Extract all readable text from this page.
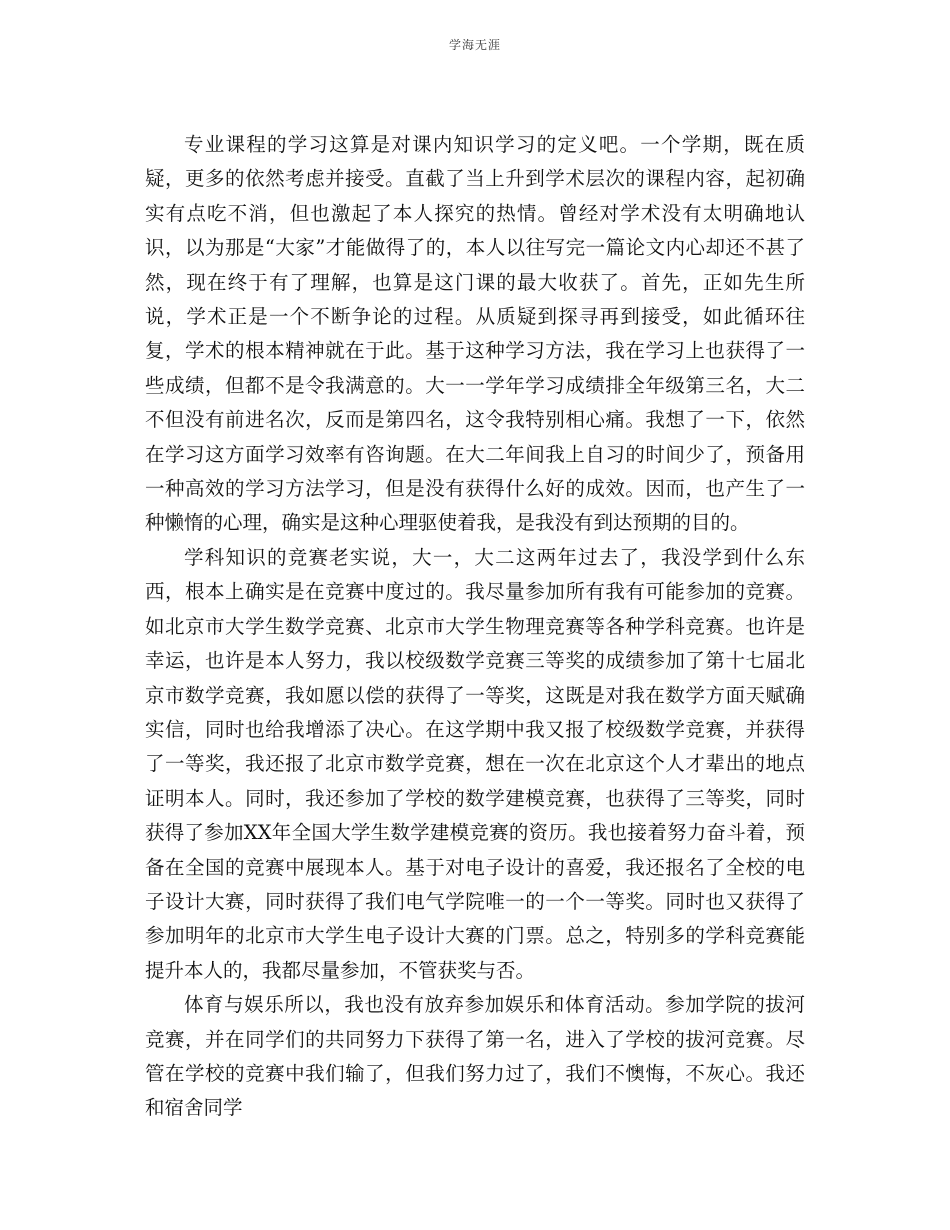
学海无涯

专业课程的学习这算是对课内知识学习的定义吧。一个学期，既在质疑，更多的依然考虑并接受。直截了当上升到学术层次的课程内容，起初确实有点吃不消，但也激起了本人探究的热情。曾经对学术没有太明确地认识，以为那是“大家”才能做得了的，本人以往写完一篇论文内心却还不甚了然，现在终于有了理解，也算是这门课的最大收获了。首先，正如先生所说，学术正是一个不断争论的过程。从质疑到探寻再到接受，如此循环往复，学术的根本精神就在于此。基于这种学习方法，我在学习上也获得了一些成绩，但都不是令我满意的。大一一学年学习成绩排全年级第三名，大二不但没有前进名次，反而是第四名，这令我特别相心痛。我想了一下，依然在学习这方面学习效率有咨询题。在大二年间我上自习的时间少了，预备用一种高效的学习方法学习，但是没有获得什么好的成效。因而，也产生了一种懒惰的心理，确实是这种心理驱使着我，是我没有到达预期的目的。

学科知识的竞赛老实说，大一，大二这两年过去了，我没学到什么东西，根本上确实是在竞赛中度过的。我尽量参加所有我有可能参加的竞赛。如北京市大学生数学竞赛、北京市大学生物理竞赛等各种学科竞赛。也许是幸运，也许是本人努力，我以校级数学竞赛三等奖的成绩参加了第十七届北京市数学竞赛，我如愿以偿的获得了一等奖，这既是对我在数学方面天赋确实信，同时也给我增添了决心。在这学期中我又报了校级数学竞赛，并获得了一等奖，我还报了北京市数学竞赛，想在一次在北京这个人才辈出的地点证明本人。同时，我还参加了学校的数学建模竞赛，也获得了三等奖，同时获得了参加XX年全国大学生数学建模竞赛的资历。我也接着努力奋斗着，预备在全国的竞赛中展现本人。基于对电子设计的喜爱，我还报名了全校的电子设计大赛，同时获得了我们电气学院唯一的一个一等奖。同时也又获得了参加明年的北京市大学生电子设计大赛的门票。总之，特别多的学科竞赛能提升本人的，我都尽量参加，不管获奖与否。

体育与娱乐所以，我也没有放弃参加娱乐和体育活动。参加学院的拔河竞赛，并在同学们的共同努力下获得了第一名，进入了学校的拔河竞赛。尽管在学校的竞赛中我们输了，但我们努力过了，我们不懊悔，不灰心。我还和宿舍同学
